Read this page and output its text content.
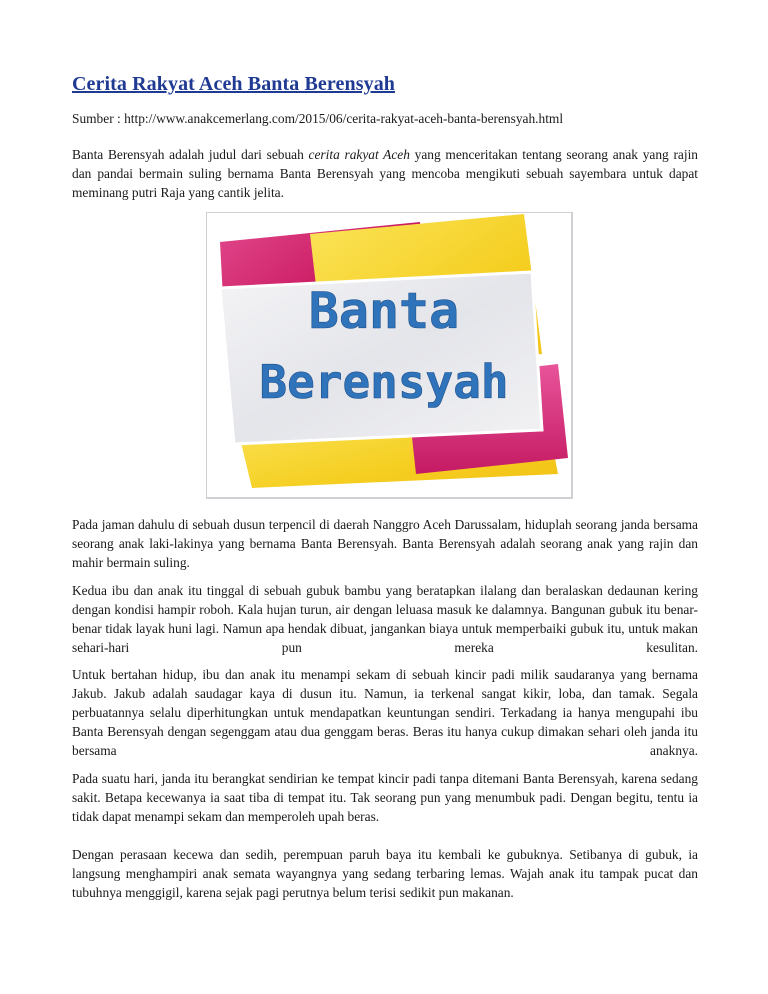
Cerita Rakyat Aceh Banta Berensyah
Sumber : http://www.anakcemerlang.com/2015/06/cerita-rakyat-aceh-banta-berensyah.html

Banta Berensyah adalah judul dari sebuah cerita rakyat Aceh yang menceritakan tentang seorang anak yang rajin dan pandai bermain suling bernama Banta Berensyah yang mencoba mengikuti sebuah sayembara untuk dapat meminang putri Raja yang cantik jelita.

Banta
Berensyah

Pada jaman dahulu di sebuah dusun terpencil di daerah Nanggro Aceh Darussalam, hiduplah seorang janda bersama seorang anak laki-lakinya yang bernama Banta Berensyah. Banta Berensyah adalah seorang anak yang rajin dan mahir bermain suling.

Kedua ibu dan anak itu tinggal di sebuah gubuk bambu yang beratapkan ilalang dan beralaskan dedaunan kering dengan kondisi hampir roboh. Kala hujan turun, air dengan leluasa masuk ke dalamnya. Bangunan gubuk itu benar-benar tidak layak huni lagi. Namun apa hendak dibuat, jangankan biaya untuk memperbaiki gubuk itu, untuk makan sehari-hari pun mereka kesulitan.

Untuk bertahan hidup, ibu dan anak itu menampi sekam di sebuah kincir padi milik saudaranya yang bernama Jakub. Jakub adalah saudagar kaya di dusun itu. Namun, ia terkenal sangat kikir, loba, dan tamak. Segala perbuatannya selalu diperhitungkan untuk mendapatkan keuntungan sendiri. Terkadang ia hanya mengupahi ibu Banta Berensyah dengan segenggam atau dua genggam beras. Beras itu hanya cukup dimakan sehari oleh janda itu bersama anaknya.

Pada suatu hari, janda itu berangkat sendirian ke tempat kincir padi tanpa ditemani Banta Berensyah, karena sedang sakit. Betapa kecewanya ia saat tiba di tempat itu. Tak seorang pun yang menumbuk padi. Dengan begitu, tentu ia tidak dapat menampi sekam dan memperoleh upah beras.

Dengan perasaan kecewa dan sedih, perempuan paruh baya itu kembali ke gubuknya. Setibanya di gubuk, ia langsung menghampiri anak semata wayangnya yang sedang terbaring lemas. Wajah anak itu tampak pucat dan tubuhnya menggigil, karena sejak pagi perutnya belum terisi sedikit pun makanan.
